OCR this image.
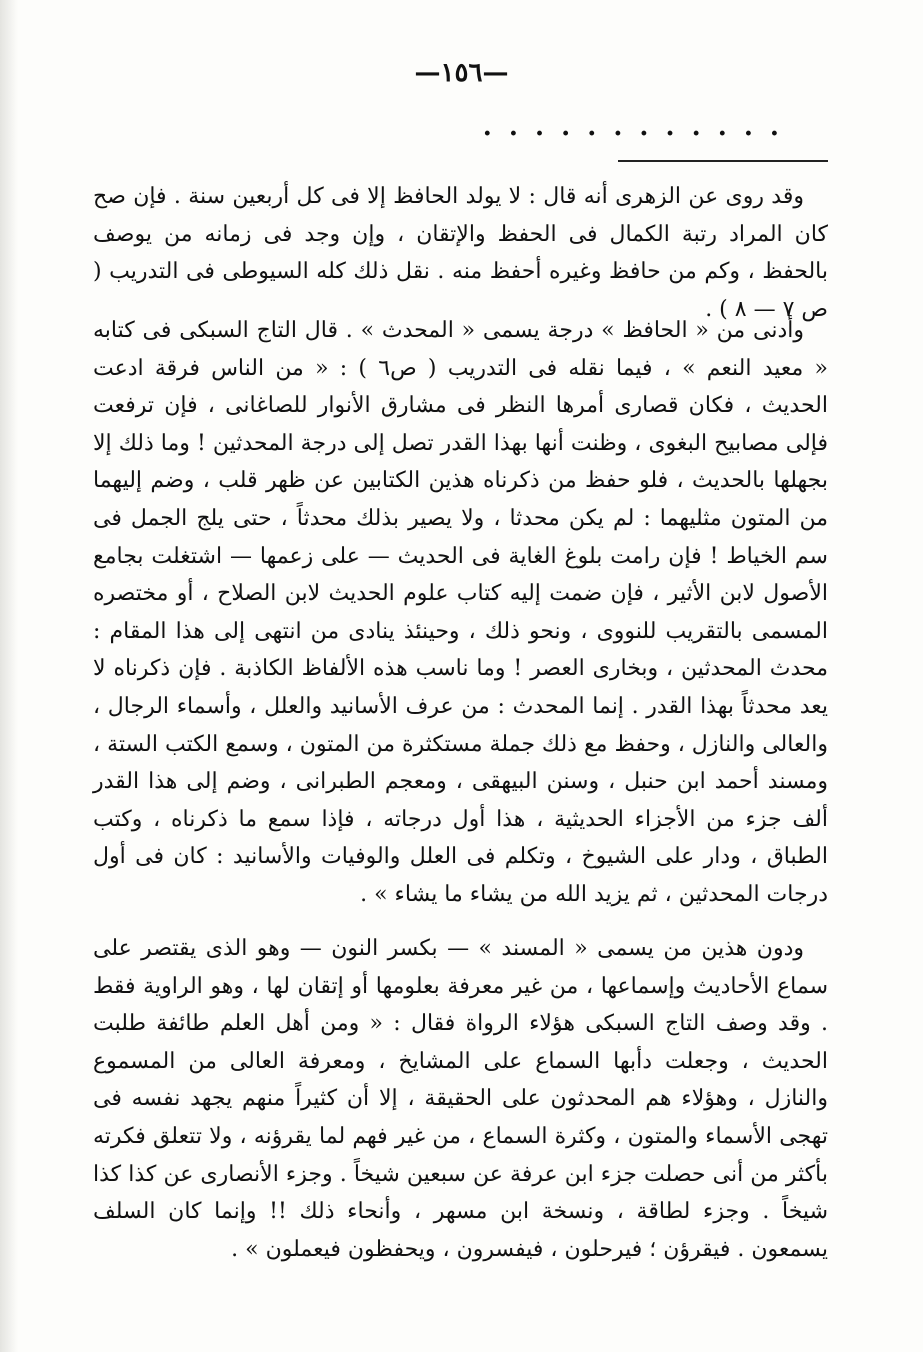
—١٥٦—
. . . . . . . . . . . .

وقد روى عن الزهرى أنه قال : لا يولد الحافظ إلا فى كل أربعين سنة . فإن صح كان المراد رتبة الكمال فى الحفظ والإتقان ، وإن وجد فى زمانه من يوصف بالحفظ ، وكم من حافظ وغيره أحفظ منه . نقل ذلك كله السيوطى فى التدريب ( ص ٧ — ٨ ) .

وأدنى من « الحافظ » درجة يسمى « المحدث » . قال التاج السبكى فى كتابه « معيد النعم » ، فيما نقله فى التدريب ( ص٦ ) : « من الناس فرقة ادعت الحديث ، فكان قصارى أمرها النظر فى مشارق الأنوار للصاغانى ، فإن ترفعت فإلى مصابيح البغوى ، وظنت أنها بهذا القدر تصل إلى درجة المحدثين ! وما ذلك إلا بجهلها بالحديث ، فلو حفظ من ذكرناه هذين الكتابين عن ظهر قلب ، وضم إليهما من المتون مثليهما : لم يكن محدثا ، ولا يصير بذلك محدثاً ، حتى يلج الجمل فى سم الخياط ! فإن رامت بلوغ الغاية فى الحديث — على زعمها — اشتغلت بجامع الأصول لابن الأثير ، فإن ضمت إليه كتاب علوم الحديث لابن الصلاح ، أو مختصره المسمى بالتقريب للنووى ، ونحو ذلك ، وحينئذ ينادى من انتهى إلى هذا المقام : محدث المحدثين ، وبخارى العصر ! وما ناسب هذه الألفاظ الكاذبة . فإن ذكرناه لا يعد محدثاً بهذا القدر . إنما المحدث : من عرف الأسانيد والعلل ، وأسماء الرجال ، والعالى والنازل ، وحفظ مع ذلك جملة مستكثرة من المتون ، وسمع الكتب الستة ، ومسند أحمد ابن حنبل ، وسنن البيهقى ، ومعجم الطبرانى ، وضم إلى هذا القدر ألف جزء من الأجزاء الحديثية ، هذا أول درجاته ، فإذا سمع ما ذكرناه ، وكتب الطباق ، ودار على الشيوخ ، وتكلم فى العلل والوفيات والأسانيد : كان فى أول درجات المحدثين ، ثم يزيد الله من يشاء ما يشاء » .

ودون هذين من يسمى « المسند » — بكسر النون — وهو الذى يقتصر على سماع الأحاديث وإسماعها ، من غير معرفة بعلومها أو إتقان لها ، وهو الراوية فقط . وقد وصف التاج السبكى هؤلاء الرواة فقال : « ومن أهل العلم طائفة طلبت الحديث ، وجعلت دأبها السماع على المشايخ ، ومعرفة العالى من المسموع والنازل ، وهؤلاء هم المحدثون على الحقيقة ، إلا أن كثيراً منهم يجهد نفسه فى تهجى الأسماء والمتون ، وكثرة السماع ، من غير فهم لما يقرؤنه ، ولا تتعلق فكرته بأكثر من أنى حصلت جزء ابن عرفة عن سبعين شيخاً . وجزء الأنصارى عن كذا كذا شيخاً . وجزء لطاقة ، ونسخة ابن مسهر ، وأنحاء ذلك !! وإنما كان السلف يسمعون . فيقرؤن ؛ فيرحلون ، فيفسرون ، ويحفظون فيعملون » .
